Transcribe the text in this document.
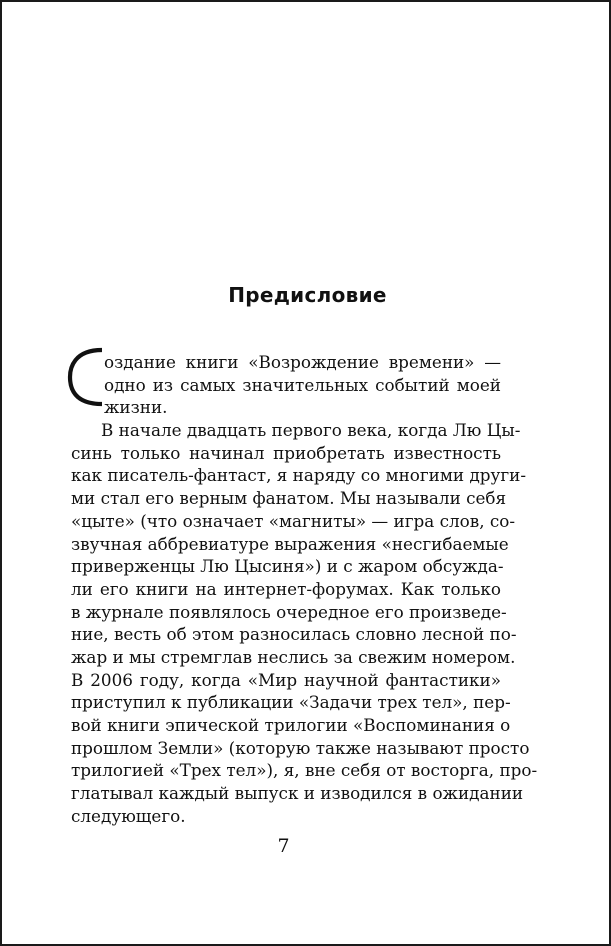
Предисловие
оздание книги «Возрождение времени» —
одно из самых значительных событий моей
жизни.
В начале двадцать первого века, когда Лю Цы-
синь только начинал приобретать известность
как писатель-фантаст, я наряду со многими други-
ми стал его верным фанатом. Мы называли себя
«цыте» (что означает «магниты» — игра слов, со-
звучная аббревиатуре выражения «несгибаемые
приверженцы Лю Цысиня») и с жаром обсужда-
ли его книги на интернет-форумах. Как только
в журнале появлялось очередное его произведе-
ние, весть об этом разносилась словно лесной по-
жар и мы стремглав неслись за свежим номером.
В 2006 году, когда «Мир научной фантастики»
приступил к публикации «Задачи трех тел», пер-
вой книги эпической трилогии «Воспоминания о
прошлом Земли» (которую также называют просто
трилогией «Трех тел»), я, вне себя от восторга, про-
глатывал каждый выпуск и изводился в ожидании
следующего.
7
